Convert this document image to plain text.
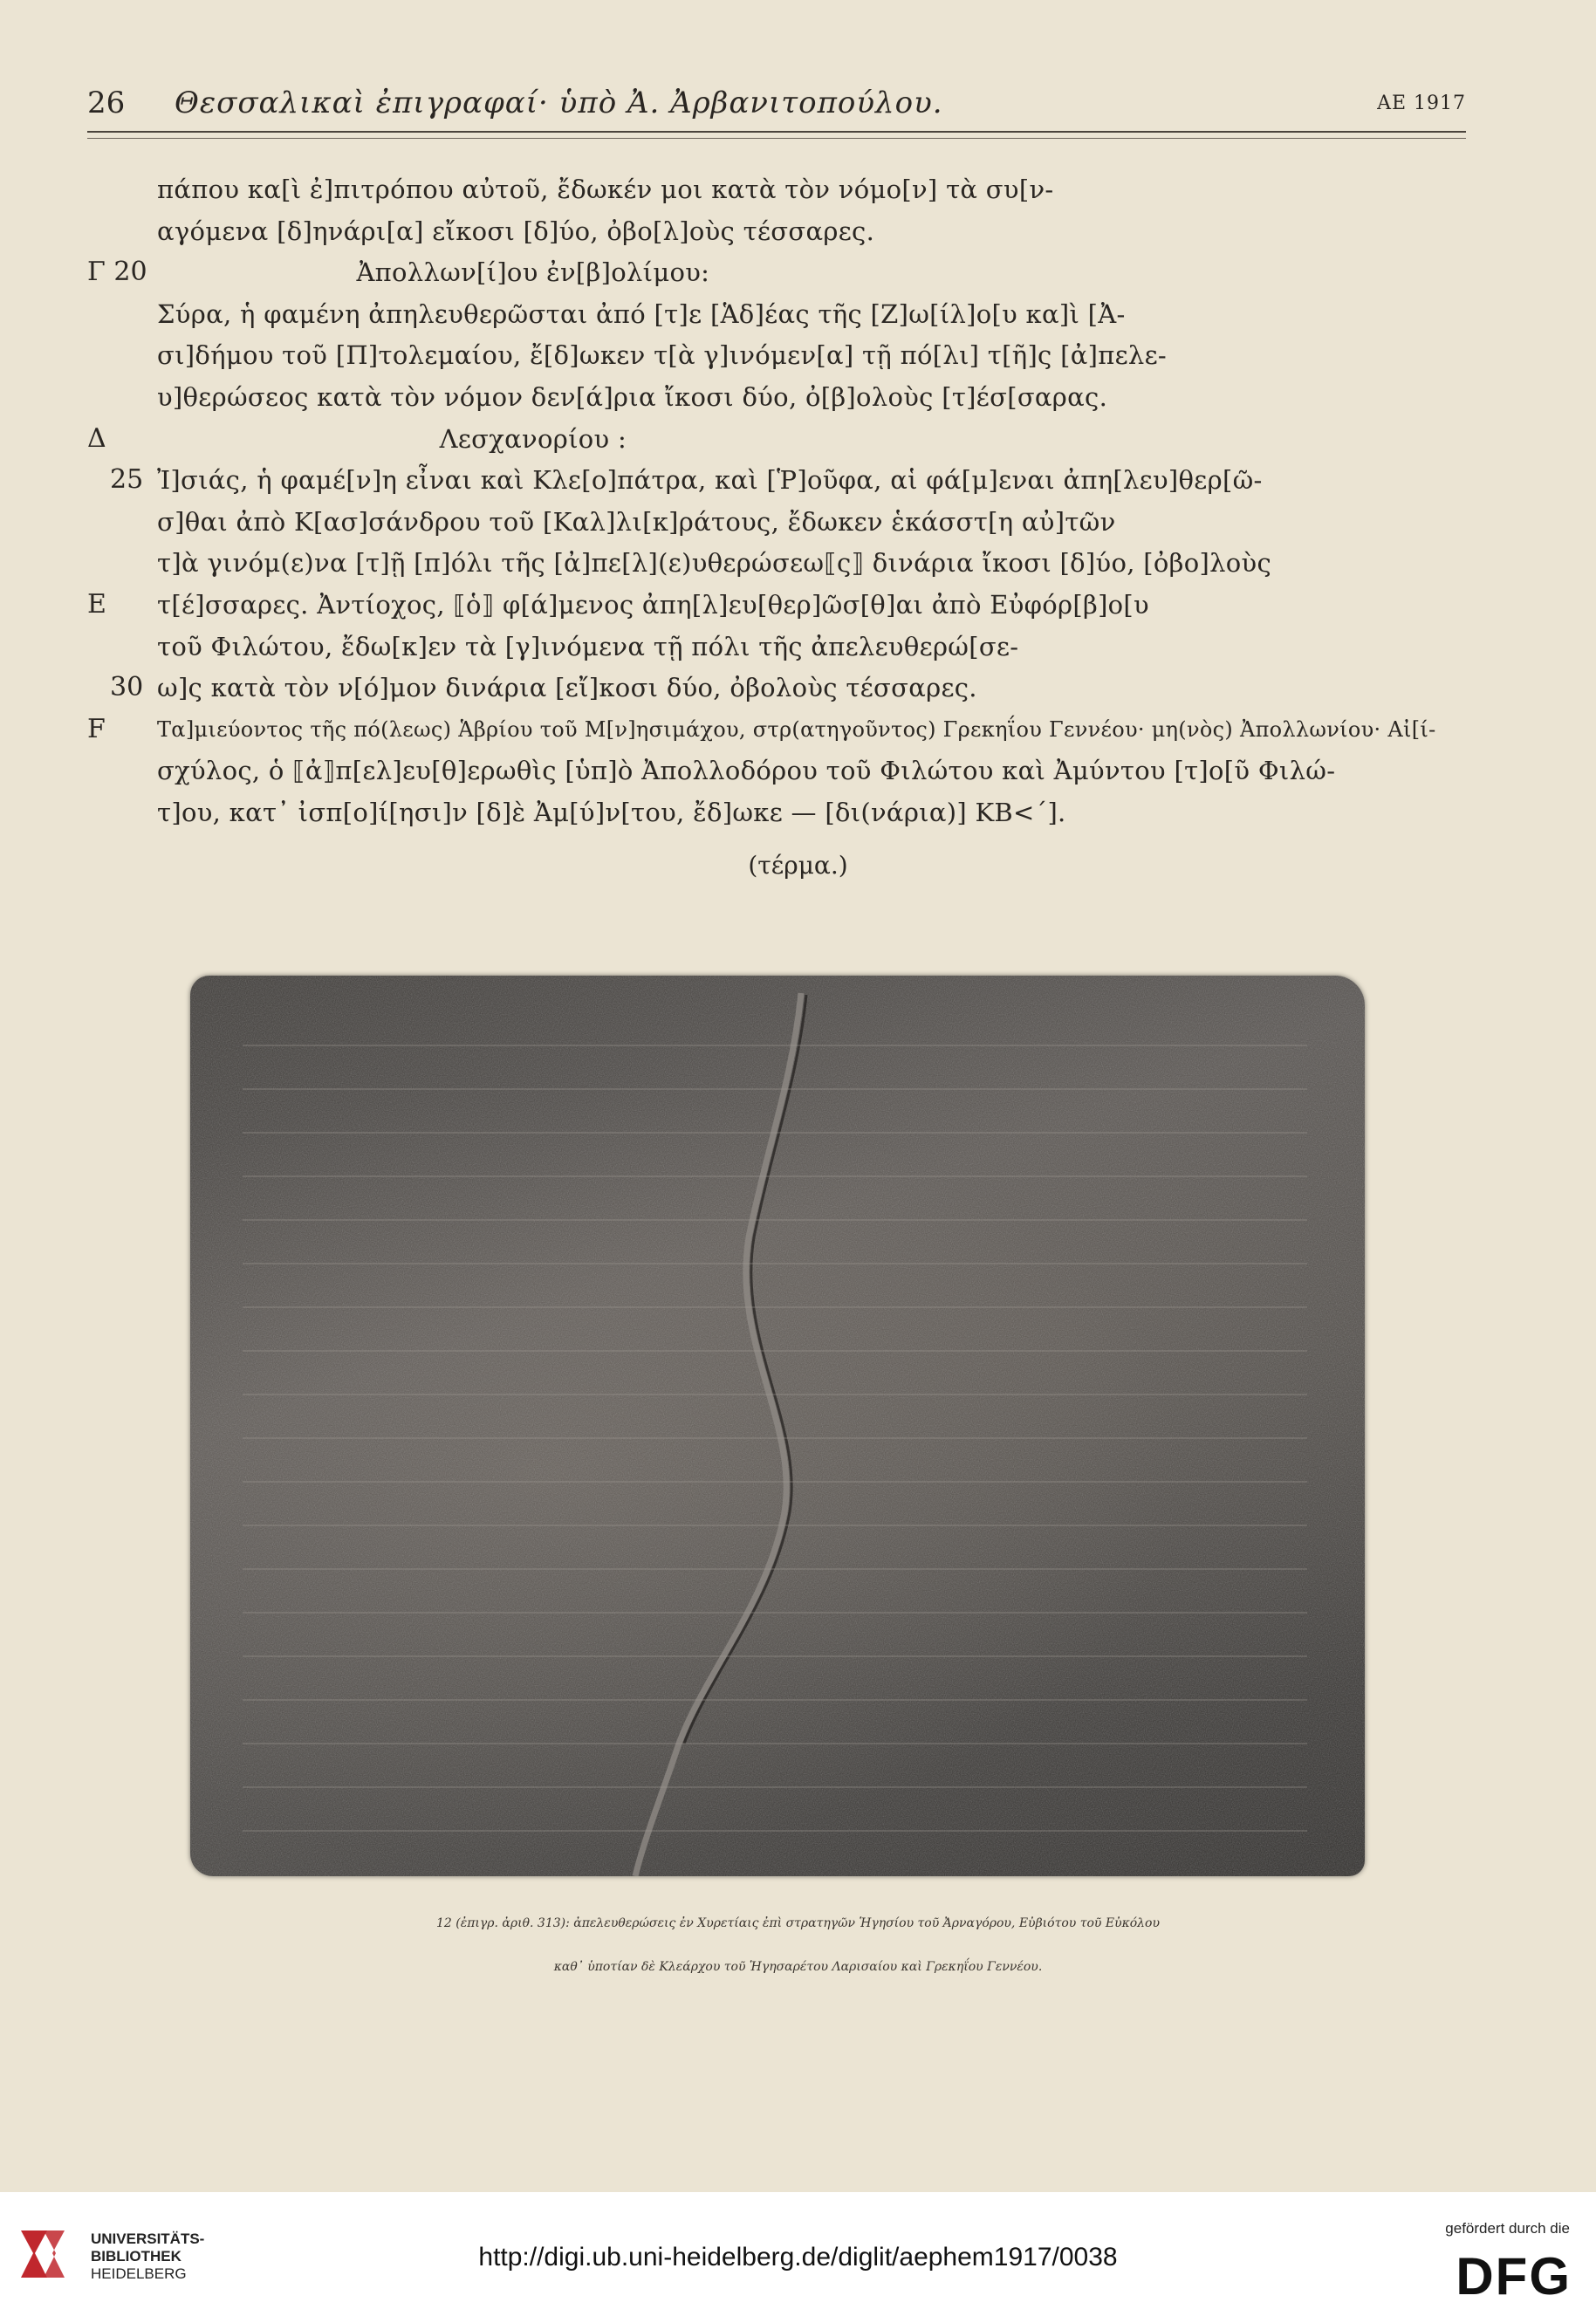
26 Θεσσαλικαὶ ἐπιγραφαί· ὑπὸ Ἀ. Ἀρβανιτοπούλου.	ΑΕ 1917
πάπου κα[ὶ ἐ]πιτρόπου αὐτοῦ, ἔδωκέν μοι κατὰ τὸν νόμο[ν] τὰ συ[ν-
αγόμενα [δ]ηνάρι[α] εἴκοσι [δ]ύο, ὀβο[λ]οὺς τέσσαρες.
Γ 20 Ἀπολλων[ί]ου ἐν[β]ολίμου:
Σύρα, ἡ φαμένη ἀπηλευθερῶσται ἀπό [τ]ε [Ἁδ]έας τῆς [Ζ]ω[ίλ]ο[υ κα]ὶ [Ἀ-
σι]δήμου τοῦ [Π]τολεμαίου, ἔ[δ]ωκεν τ[ὰ γ]ινόμεν[α] τῇ πό[λι] τ[ῆ]ς [ἀ]πελε-
υ]θερώσεος κατὰ τὸν νόμον δεν[ά]ρια ἴκοσι δύο, ὀ[β]ολοὺς [τ]έσ[σαρας.
Δ	Λεσχανορίου :
25 Ἰ]σιάς, ἡ φαμέ[ν]η εἶναι καὶ Κλε[ο]πάτρα, καὶ [Ῥ]οῦφα, αἱ φά[μ]εναι ἀπη[λευ]θερ[ῶ-
σ]θαι ἀπὸ Κ[ασ]σάνδρου τοῦ [Καλ]λι[κ]ράτους, ἔδωκεν ἑκάσστ[η αὐ]τῶν
τ]ὰ γινόμ(ε)να [τ]ῇ [π]όλι τῆς [ἀ]πε[λ](ε)υθερώσεω⟦ς⟧ δινάρια ἴκοσι [δ]ύο, [ὀβο]λοὺς
Ε	τ[έ]σσαρες. Ἀντίοχος, ⟦ὁ⟧ φ[ά]μενος ἀπη[λ]ευ[θερ]ῶσ[θ]αι ἀπὸ Εὐφόρ[β]ο[υ
τοῦ Φιλώτου, ἔδω[κ]εν τὰ [γ]ινόμενα τῇ πόλι τῆς ἀπελευθερώ[σε-
30 ω]ς κατὰ τὸν ν[ό]μον δινάρια [εἴ]κοσι δύο, ὀβολοὺς τέσσαρες.
F	Τα]μιεύοντος τῆς πό(λεως) Ἁβρίου τοῦ Μ[ν]ησιμάχου, στρ(ατηγοῦντος) Γρεκηΐου Γεννέου· μη(νὸς) Ἀπολλωνίου· Αἰ[ί-
σχύλος, ὁ ⟦ἀ⟧π[ελ]ευ[θ]ερωθὶς [ὑπ]ὸ Ἀπολλοδόρου τοῦ Φιλώτου καὶ Ἀμύντου [τ]ο[ῦ Φιλώ-
τ]ου, κατ᾽ ἰσπ[ο]ί[ησι]ν [δ]ὲ Ἀμ[ύ]ν[του, ἔδ]ωκε — [δι(νάρια)] ΚΒ<΄].
(τέρμα.)
12 (ἐπιγρ. ἀριθ. 313): ἀπελευθερώσεις ἐν Χυρετίαις ἐπὶ στρατηγῶν Ἡγησίου τοῦ Ἀρναγόρου, Εὐβιότου τοῦ Εὐκόλου
καθ᾽ ὑποτίαν δὲ Κλεάρχου τοῦ Ἡγησαρέτου Λαρισαίου καὶ Γρεκηΐου Γεννέου.
UNIVERSITÄTS-
BIBLIOTHEK
HEIDELBERG
http://digi.ub.uni-heidelberg.de/diglit/aephem1917/0038
gefördert durch die
DFG
